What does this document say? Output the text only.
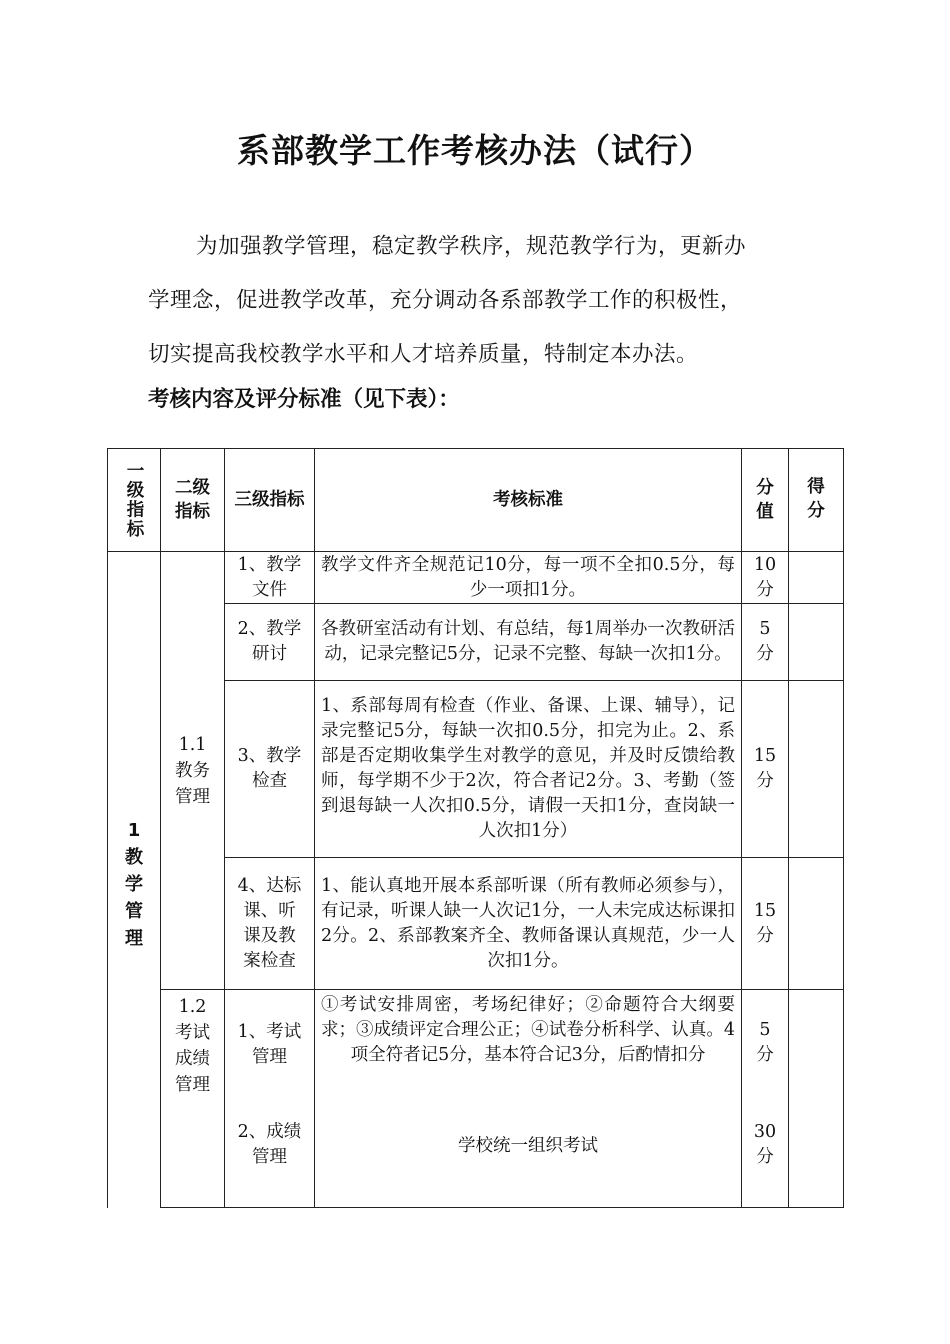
系部教学工作考核办法（试行）
为加强教学管理，稳定教学秩序，规范教学行为，更新办
学理念，促进教学改革，充分调动各系部教学工作的积极性，
切实提高我校教学水平和人才培养质量，特制定本办法。
考核内容及评分标准（见下表）：
一级指标	二级指标	三级指标	考核标准	分值	得分

1教学管理	1.1
教务
管理	1、教学
文件	教学文件齐全规范记10分，每一项不全扣0.5分，每少一项扣1分。	10
分	

		2、教学
研讨	各教研室活动有计划、有总结，每1周举办一次教研活动，记录完整记5分，记录不完整、每缺一次扣1分。	5
分	

		3、教学
检查	1、系部每周有检查（作业、备课、上课、辅导），记录完整记5分，每缺一次扣0.5分，扣完为止。2、系部是否定期收集学生对教学的意见，并及时反馈给教师，每学期不少于2次，符合者记2分。3、考勤（签到退每缺一人次扣0.5分，请假一天扣1分，查岗缺一人次扣1分）	15
分	

		4、达标
课、听
课及教
案检查	1、能认真地开展本系部听课（所有教师必须参与），有记录，听课人缺一人次记1分，一人未完成达标课扣2分。2、系部教案齐全、教师备课认真规范，少一人次扣1分。	15
分	

	1.2
考试
成绩
管理	1、考试
管理	①考试安排周密，考场纪律好；②命题符合大纲要求；③成绩评定合理公正；④试卷分析科学、认真。4项全符者记5分，基本符合记3分，后酌情扣分	5
分	

		2、成绩
管理	学校统一组织考试	30
分	
